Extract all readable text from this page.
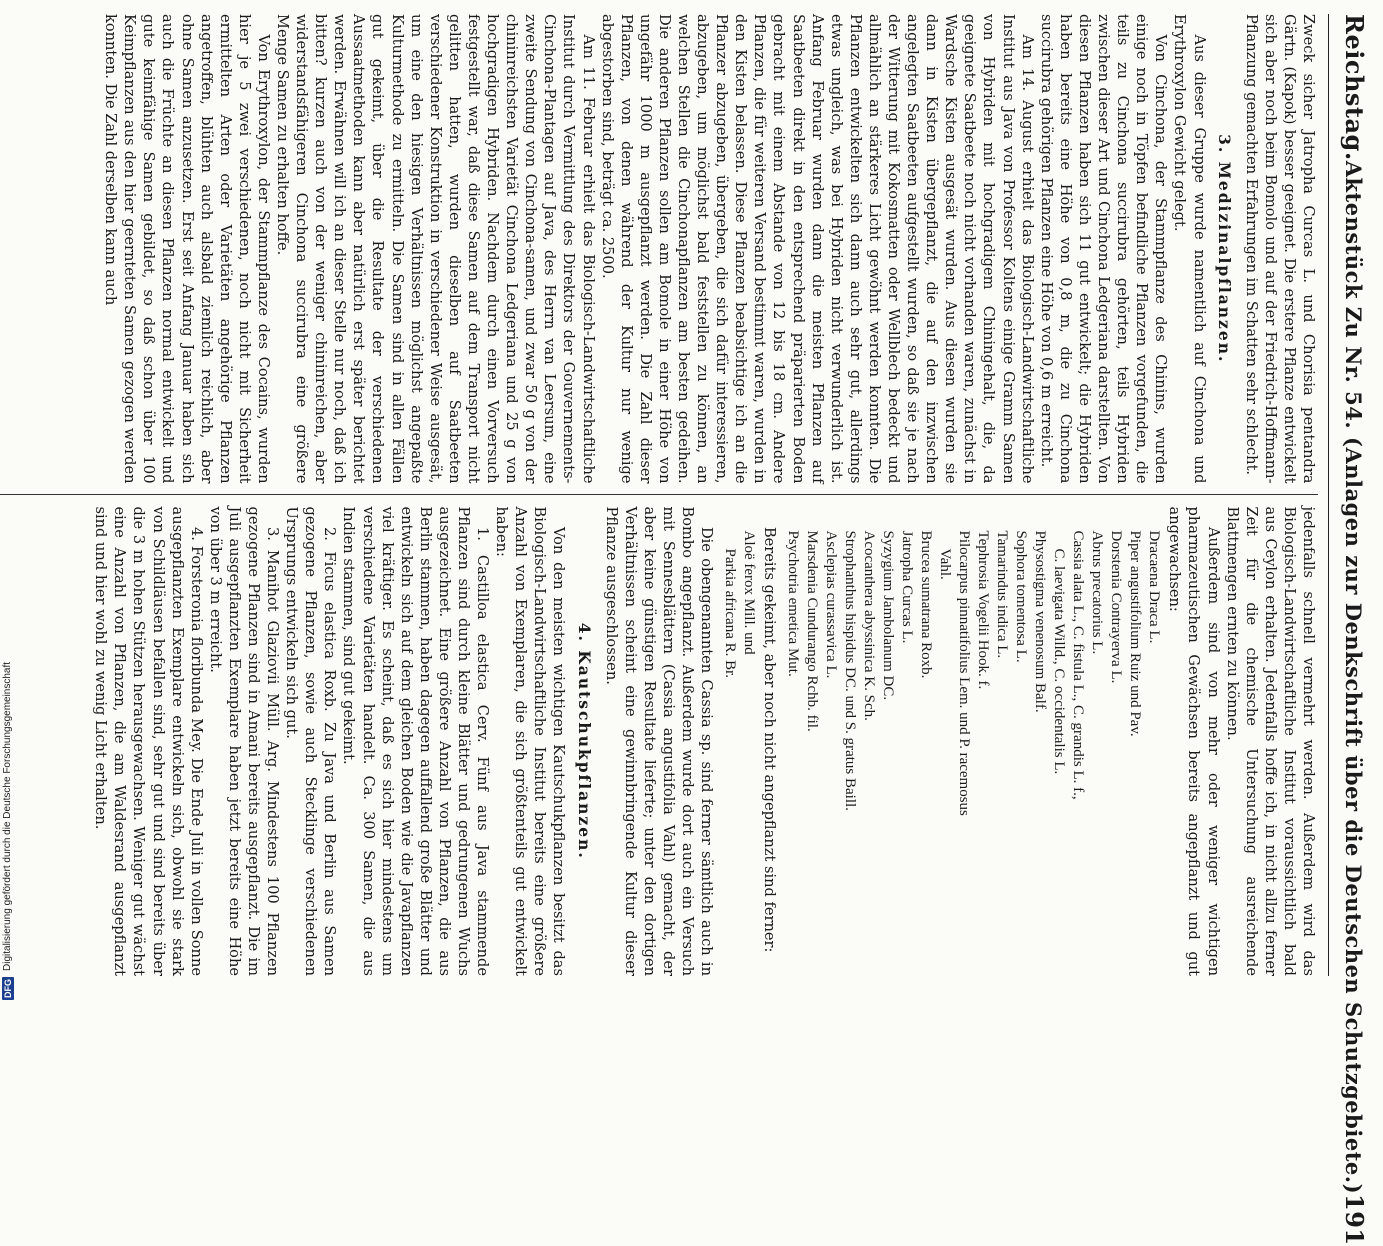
Reichstag.
Aktenstück Zu Nr. 54. (Anlagen zur Denkschrift über die Deutschen Schutzgebiete.)
191

Zweck sicher Jatropha Curcas L. und Chorisia pentandra Gärtn. (Kapok) besser geeignet. Die erstere Pflanze entwickelt sich aber noch beim Bomolo und auf der Friedrich-Hoffmann-Pflanzung gemachten Erfahrungen im Schatten sehr schlecht.

3. Medizinalpflanzen.

Aus dieser Gruppe wurde namentlich auf Cinchona und Erythroxylon Gewicht gelegt.

Von Cinchona, der Stammpflanze des Chinins, wurden einige noch in Töpfen befindliche Pflanzen vorgefunden, die teils zu Cinchona succirubra gehörten, teils Hybriden zwischen dieser Art und Cinchona Ledgeriana darstellten. Von diesen Pflanzen haben sich 11 gut entwickelt; die Hybriden haben bereits eine Höhe von 0,8 m, die zu Cinchona succirubra gehörigen Pflanzen eine Höhe von 0,6 m erreicht.

Am 14. August erhielt das Biologisch-Landwirtschaftliche Institut aus Java von Professor Koltens einige Gramm Samen von Hybriden mit hochgradigem Chiningehalt, die, da geeignete Saatbeete noch nicht vorhanden waren, zunächst in Wardsche Kisten ausgesät wurden. Aus diesen wurden sie dann in Kisten übergepflanzt, die auf den inzwischen angelegten Saatbeeten aufgestellt wurden, so daß sie je nach der Witterung mit Kokosmatten oder Wellblech bedeckt und allmählich an stärkeres Licht gewöhnt werden konnten. Die Pflanzen entwickelten sich dann auch sehr gut, allerdings etwas ungleich, was bei Hybriden nicht verwunderlich ist. Anfang Februar wurden dann die meisten Pflanzen auf Saatbeeten direkt in den entsprechend präparierten Boden gebracht mit einem Abstande von 12 bis 18 cm. Andere Pflanzen, die für weiteren Versand bestimmt waren, wurden in den Kisten belassen. Diese Pflanzen beabsichtige ich an die Pflanzer abzugeben, übergeben, die sich dafür interessieren, abzugeben, um möglichst bald feststellen zu können, an welchen Stellen die Cinchonapflanzen am besten gedeihen. Die anderen Pflanzen sollen am Bomole in einer Höhe von ungefähr 1000 m ausgepflanzt werden. Die Zahl dieser Pflanzen, von denen während der Kultur nur wenige abgestorben sind, beträgt ca. 2500.

Am 11. Februar erhielt das Biologisch-Landwirtschaftliche Institut durch Vermittlung des Direktors der Gouvernements-Cinchona-Plantagen auf Java, des Herrn van Leersum, eine zweite Sendung von Cinchona-samen, und zwar 50 g von der chininreichsten Varietät Cinchona Ledgeriana und 25 g von hochgradigen Hybriden. Nachdem durch einen Vorversuch festgestellt war, daß diese Samen auf dem Transport nicht gelitten hatten, wurden dieselben auf Saatbeeten verschiedener Konstruktion in verschiedener Weise ausgesät, um eine den hiesigen Verhältnissen möglichst angepaßte Kulturmethode zu ermitteln. Die Samen sind in allen Fällen gut gekeimt, über die Resultate der verschiedenen Aussaatmethoden kann aber natürlich erst später berichtet werden. Erwähnen will ich an dieser Stelle nur noch, daß ich bitten? kurzen auch von der weniger chininreichen, aber widerstandsfähigeren Cinchona succirubra eine größere Menge Samen zu erhalten hoffe.

Von Erythroxylon, der Stammpflanze des Cocains, wurden hier je 5 zwei verschiedenen, noch nicht mit Sicherheit ermittelten Arten oder Varietäten angehörige Pflanzen angetroffen, blühten auch alsbald ziemlich reichlich, aber ohne Samen anzusetzen. Erst seit Anfang Januar haben sich auch die Früchte an diesen Pflanzen normal entwickelt und gute keimfähige Samen gebildet, so daß schon über 100 Keimpflanzen aus den hier geernteten Samen gezogen werden konnten. Die Zahl derselben kann auch

jedenfalls schnell vermehrt werden. Außerdem wird das Biologisch-Landwirtschaftliche Institut voraussichtlich bald aus Ceylon erhalten. Jedenfalls hoffe ich, in nicht allzu ferner Zeit für die chemische Untersuchung ausreichende Blattmengen ernten zu können.

Außerdem sind von mehr oder weniger wichtigen pharmazeutischen Gewächsen bereits angepflanzt und gut angewachsen:

Dracaena Draca L.
Piper angustifolium Ruiz und Pav.
Dorstenia Contrayerva L.
Abrus precatorius L.
Cassia alata L., C. fistula L., C. grandis L. f.,
C. laevigata Willd., C. occidentalis L.
Physostigma venenosum Balf.
Sophora tomentosa L.
Tamarindus indica L.
Tephrosia Vogelii Hook. f.
Pilocarpus pinnatifolius Lem. und P. racemosus
Vahl.
Brucea sumatrana Roxb.
Jatropha Curcas L.
Syzygium Jambolanum DC.
Acocanthera abyssinica K. Sch.
Strophanthus hispidus DC. und S. gratus Baill.
Asclepias curassavica L.
Marsdenia Cundurango Rchb. fil.
Psychotria emetica Mut.

Bereits gekeimt, aber noch nicht angepflanzt sind ferner:

Aloë ferox Mill. und
Parkia africana R. Br.

Die obengenannten Cassia sp. sind ferner sämtlich auch in Bombo angepflanzt. Außerdem wurde dort auch ein Versuch mit Sennesblättern (Cassia angustifolia Vahl) gemacht, der aber keine günstigen Resultate lieferte; unter den dortigen Verhältnissen scheint eine gewinnbringende Kultur dieser Pflanze ausgeschlossen.

4. Kautschukpflanzen.

Von den meisten wichtigen Kautschukpflanzen besitzt das Biologisch-Landwirtschaftliche Institut bereits eine größere Anzahl von Exemplaren, die sich größtenteils gut entwickelt haben:

1. Castilloa elastica Cerv. Fünf aus Java stammende Pflanzen sind durch kleine Blätter und gedrungenen Wuchs ausgezeichnet. Eine größere Anzahl von Pflanzen, die aus Berlin stammen, haben dagegen auffallend große Blätter und entwickeln sich auf dem gleichen Boden wie die Javapflanzen viel kräftiger. Es scheint, daß es sich hier mindestens um verschiedene Varietäten handelt. Ca. 300 Samen, die aus Indien stammen, sind gut gekeimt.

2. Ficus elastica Roxb. Zu Java und Berlin aus Samen gezogene Pflanzen, sowie auch Stecklinge verschiedenen Ursprungs entwickeln sich gut.

3. Manihot Glaziovii Müll. Arg. Mindestens 100 Pflanzen gezogene Pflanzen sind in Amani bereits ausgepflanzt. Die im Juli ausgepflanzten Exemplare haben jetzt bereits eine Höhe von über 3 m erreicht.

4. Forsteronia floribunda Mey. Die Ende Juli in vollen Sonne ausgepflanzten Exemplare entwickeln sich, obwohl sie stark von Schildläusen befallen sind, sehr gut und sind bereits über die 3 m hohen Stützen herausgewachsen. Weniger gut wächst eine Anzahl von Pflanzen, die am Waldesrand ausgepflanzt sind und hier wohl zu wenig Licht erhalten.

DFG
Digitalisierung gefördert durch die Deutsche Forschungsgemeinschaft
